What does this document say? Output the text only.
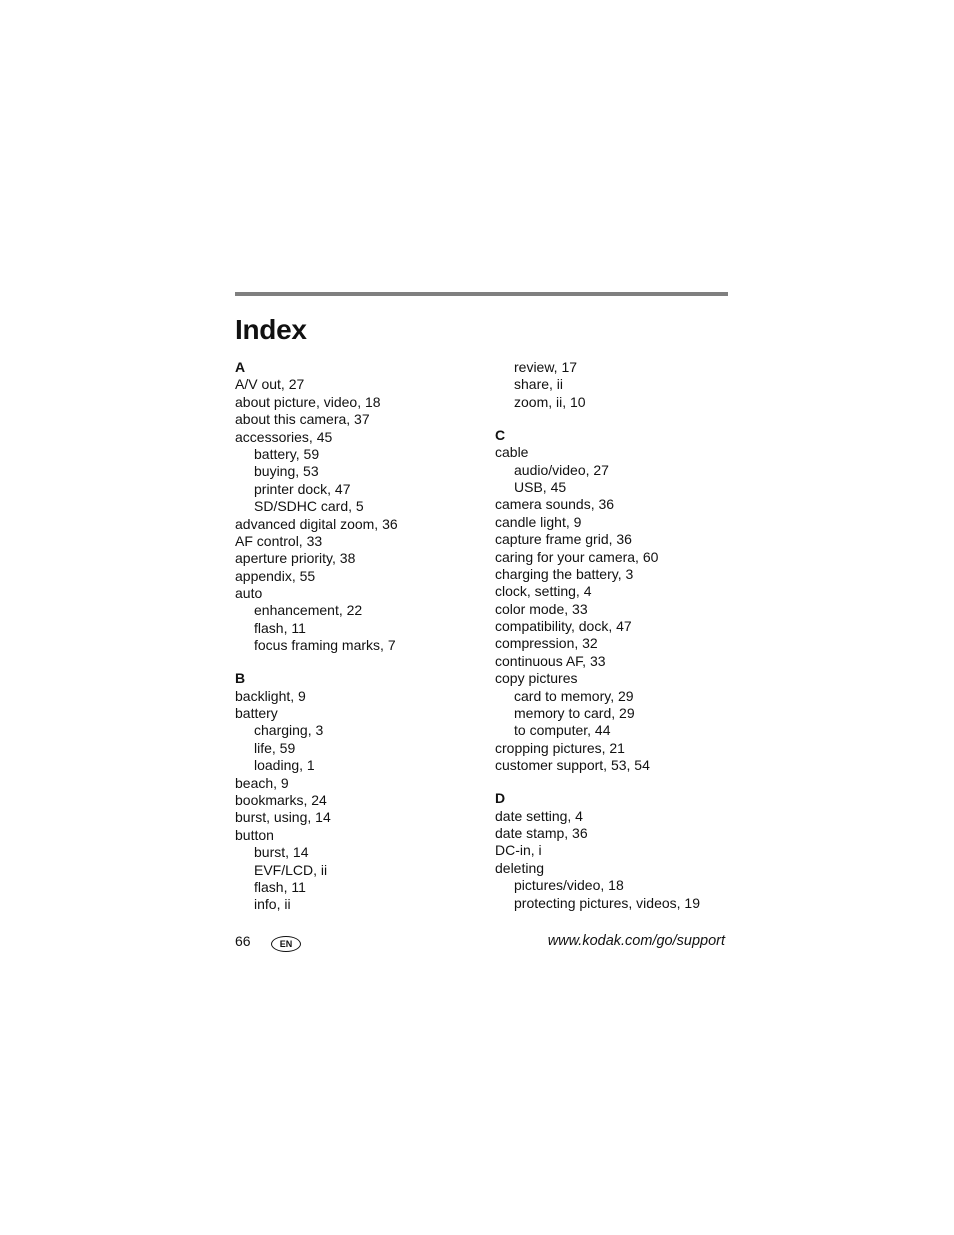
Index
A
A/V out, 27
about picture, video, 18
about this camera, 37
accessories, 45
battery, 59
buying, 53
printer dock, 47
SD/SDHC card, 5
advanced digital zoom, 36
AF control, 33
aperture priority, 38
appendix, 55
auto
enhancement, 22
flash, 11
focus framing marks, 7
B
backlight, 9
battery
charging, 3
life, 59
loading, 1
beach, 9
bookmarks, 24
burst, using, 14
button
burst, 14
EVF/LCD, ii
flash, 11
info, ii
review, 17
share, ii
zoom, ii, 10
C
cable
audio/video, 27
USB, 45
camera sounds, 36
candle light, 9
capture frame grid, 36
caring for your camera, 60
charging the battery, 3
clock, setting, 4
color mode, 33
compatibility, dock, 47
compression, 32
continuous AF, 33
copy pictures
card to memory, 29
memory to card, 29
to computer, 44
cropping pictures, 21
customer support, 53, 54
D
date setting, 4
date stamp, 36
DC-in, i
deleting
pictures/video, 18
protecting pictures, videos, 19
66	EN	www.kodak.com/go/support
